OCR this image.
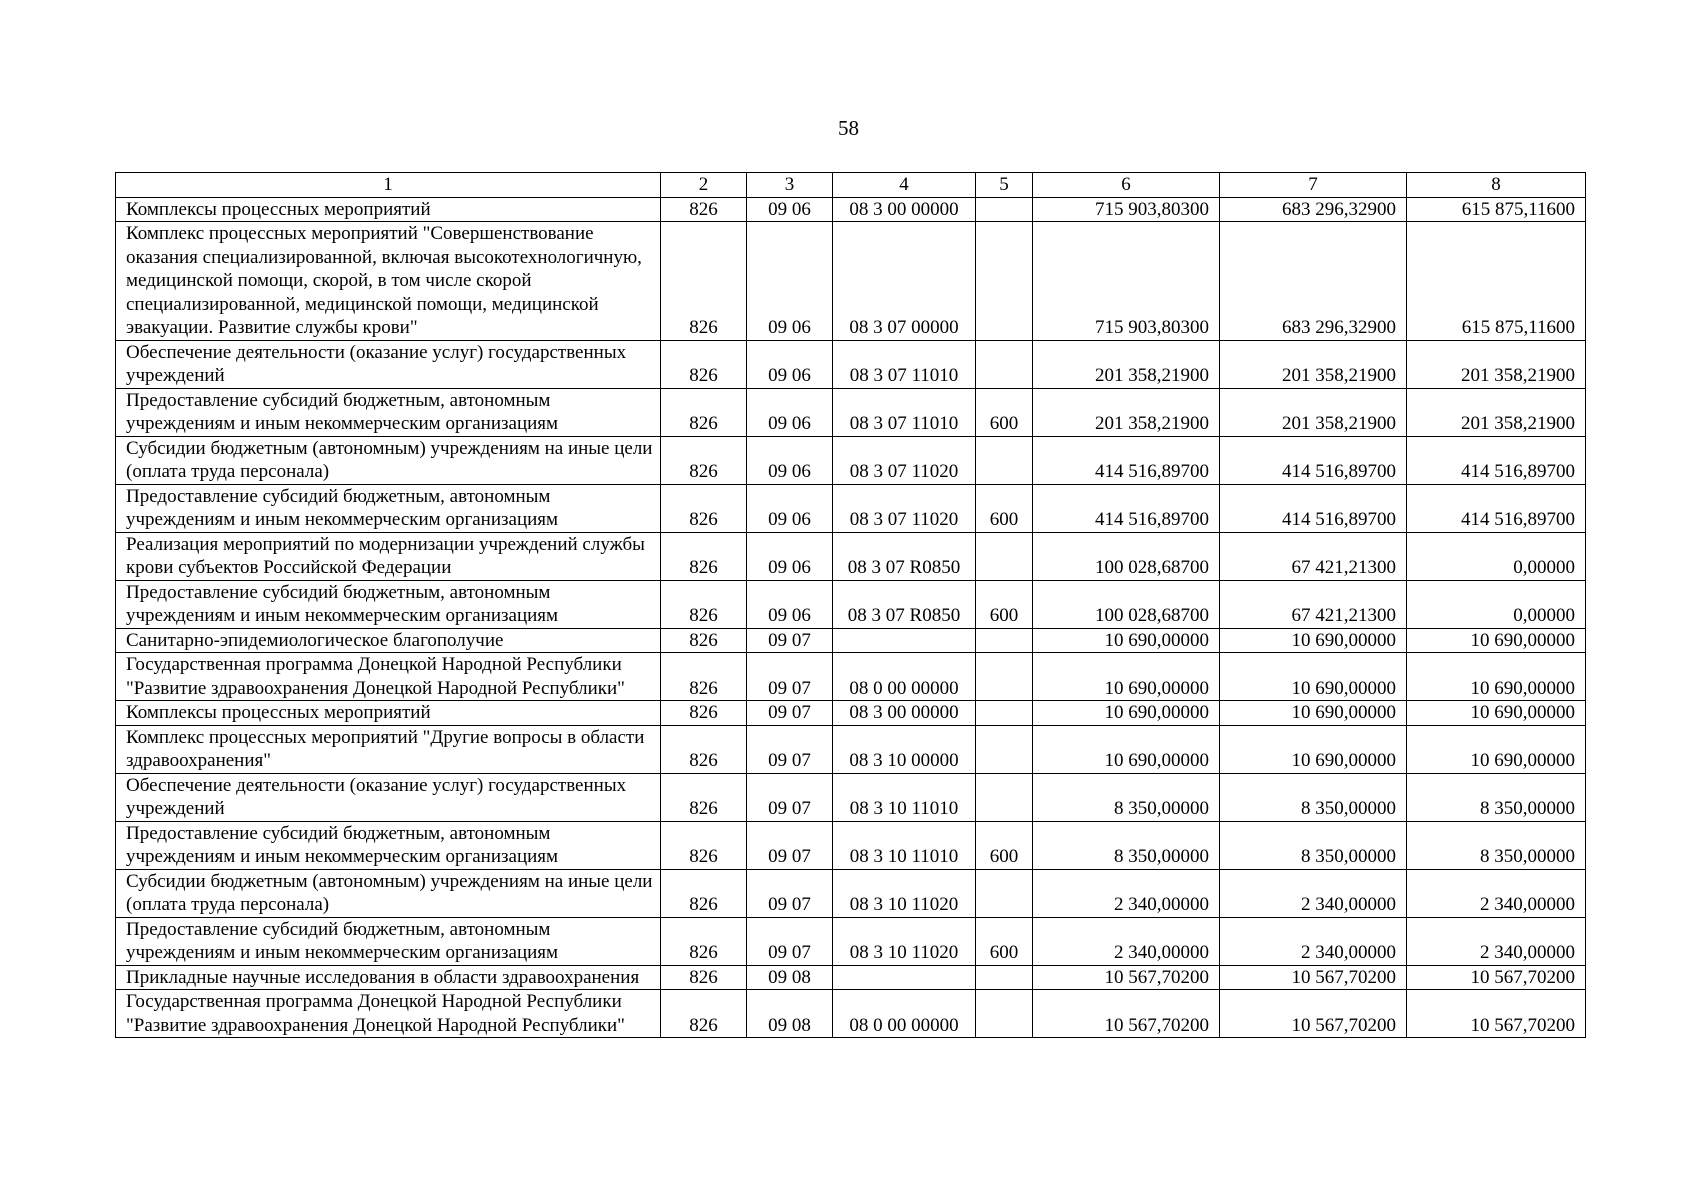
58
1	2	3	4	5	6	7	8
Комплексы процессных мероприятий	826	09 06	08 3 00 00000		715 903,80300	683 296,32900	615 875,11600
Комплекс процессных мероприятий "Совершенствование оказания специализированной, включая высокотехнологичную, медицинской помощи, скорой, в том числе скорой специализированной, медицинской помощи, медицинской эвакуации. Развитие службы крови"	826	09 06	08 3 07 00000		715 903,80300	683 296,32900	615 875,11600
Обеспечение деятельности (оказание услуг) государственных учреждений	826	09 06	08 3 07 11010		201 358,21900	201 358,21900	201 358,21900
Предоставление субсидий бюджетным, автономным учреждениям и иным некоммерческим организациям	826	09 06	08 3 07 11010	600	201 358,21900	201 358,21900	201 358,21900
Субсидии бюджетным (автономным) учреждениям на иные цели (оплата труда персонала)	826	09 06	08 3 07 11020		414 516,89700	414 516,89700	414 516,89700
Предоставление субсидий бюджетным, автономным учреждениям и иным некоммерческим организациям	826	09 06	08 3 07 11020	600	414 516,89700	414 516,89700	414 516,89700
Реализация мероприятий по модернизации учреждений службы крови субъектов Российской Федерации	826	09 06	08 3 07 R0850		100 028,68700	67 421,21300	0,00000
Предоставление субсидий бюджетным, автономным учреждениям и иным некоммерческим организациям	826	09 06	08 3 07 R0850	600	100 028,68700	67 421,21300	0,00000
Санитарно-эпидемиологическое благополучие	826	09 07			10 690,00000	10 690,00000	10 690,00000
Государственная программа Донецкой Народной Республики "Развитие здравоохранения Донецкой Народной Республики"	826	09 07	08 0 00 00000		10 690,00000	10 690,00000	10 690,00000
Комплексы процессных мероприятий	826	09 07	08 3 00 00000		10 690,00000	10 690,00000	10 690,00000
Комплекс процессных мероприятий "Другие вопросы в области здравоохранения"	826	09 07	08 3 10 00000		10 690,00000	10 690,00000	10 690,00000
Обеспечение деятельности (оказание услуг) государственных учреждений	826	09 07	08 3 10 11010		8 350,00000	8 350,00000	8 350,00000
Предоставление субсидий бюджетным, автономным учреждениям и иным некоммерческим организациям	826	09 07	08 3 10 11010	600	8 350,00000	8 350,00000	8 350,00000
Субсидии бюджетным (автономным) учреждениям на иные цели (оплата труда персонала)	826	09 07	08 3 10 11020		2 340,00000	2 340,00000	2 340,00000
Предоставление субсидий бюджетным, автономным учреждениям и иным некоммерческим организациям	826	09 07	08 3 10 11020	600	2 340,00000	2 340,00000	2 340,00000
Прикладные научные исследования в области здравоохранения	826	09 08			10 567,70200	10 567,70200	10 567,70200
Государственная программа Донецкой Народной Республики "Развитие здравоохранения Донецкой Народной Республики"	826	09 08	08 0 00 00000		10 567,70200	10 567,70200	10 567,70200
